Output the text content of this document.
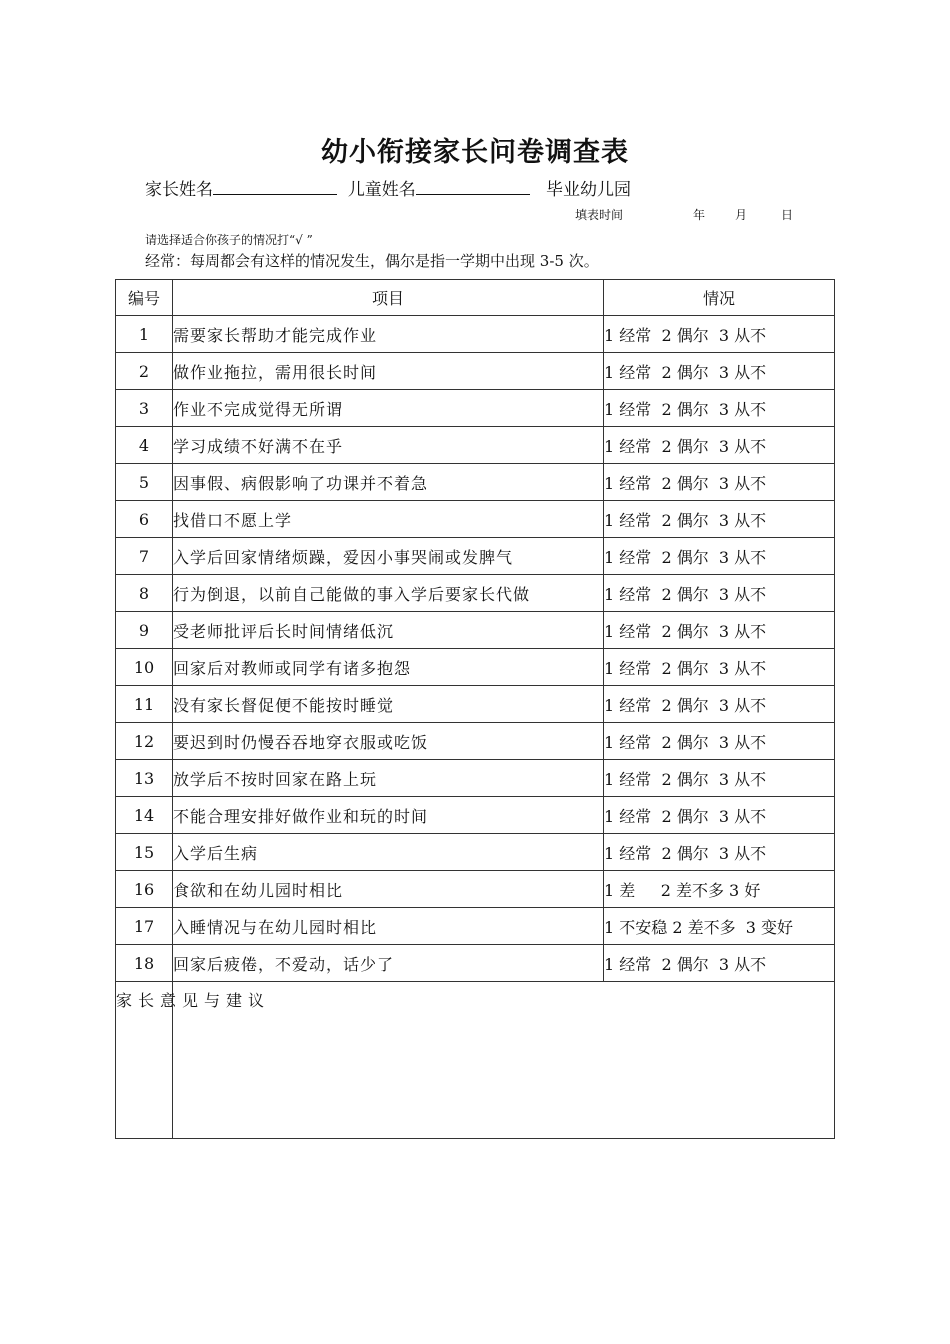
幼小衔接家长问卷调查表
家长姓名	儿童姓名	毕业幼儿园
填表时间	年	月	日
请选择适合你孩子的情况打“√ ”
经常：每周都会有这样的情况发生，偶尔是指一学期中出现 3-5 次。
编号	项目	情况
1	需要家长帮助才能完成作业	1 经常  2 偶尔  3 从不
2	做作业拖拉，需用很长时间	1 经常  2 偶尔  3 从不
3	作业不完成觉得无所谓	1 经常  2 偶尔  3 从不
4	学习成绩不好满不在乎	1 经常  2 偶尔  3 从不
5	因事假、病假影响了功课并不着急	1 经常  2 偶尔  3 从不
6	找借口不愿上学	1 经常  2 偶尔  3 从不
7	入学后回家情绪烦躁，爱因小事哭闹或发脾气	1 经常  2 偶尔  3 从不
8	行为倒退，以前自己能做的事入学后要家长代做	1 经常  2 偶尔  3 从不
9	受老师批评后长时间情绪低沉	1 经常  2 偶尔  3 从不
10	回家后对教师或同学有诸多抱怨	1 经常  2 偶尔  3 从不
11	没有家长督促便不能按时睡觉	1 经常  2 偶尔  3 从不
12	要迟到时仍慢吞吞地穿衣服或吃饭	1 经常  2 偶尔  3 从不
13	放学后不按时回家在路上玩	1 经常  2 偶尔  3 从不
14	不能合理安排好做作业和玩的时间	1 经常  2 偶尔  3 从不
15	入学后生病	1 经常  2 偶尔  3 从不
16	食欲和在幼儿园时相比	1 差     2 差不多 3 好
17	入睡情况与在幼儿园时相比	1 不安稳 2 差不多  3 变好
18	回家后疲倦，不爱动，话少了	1 经常  2 偶尔  3 从不
家长意见与建议		
